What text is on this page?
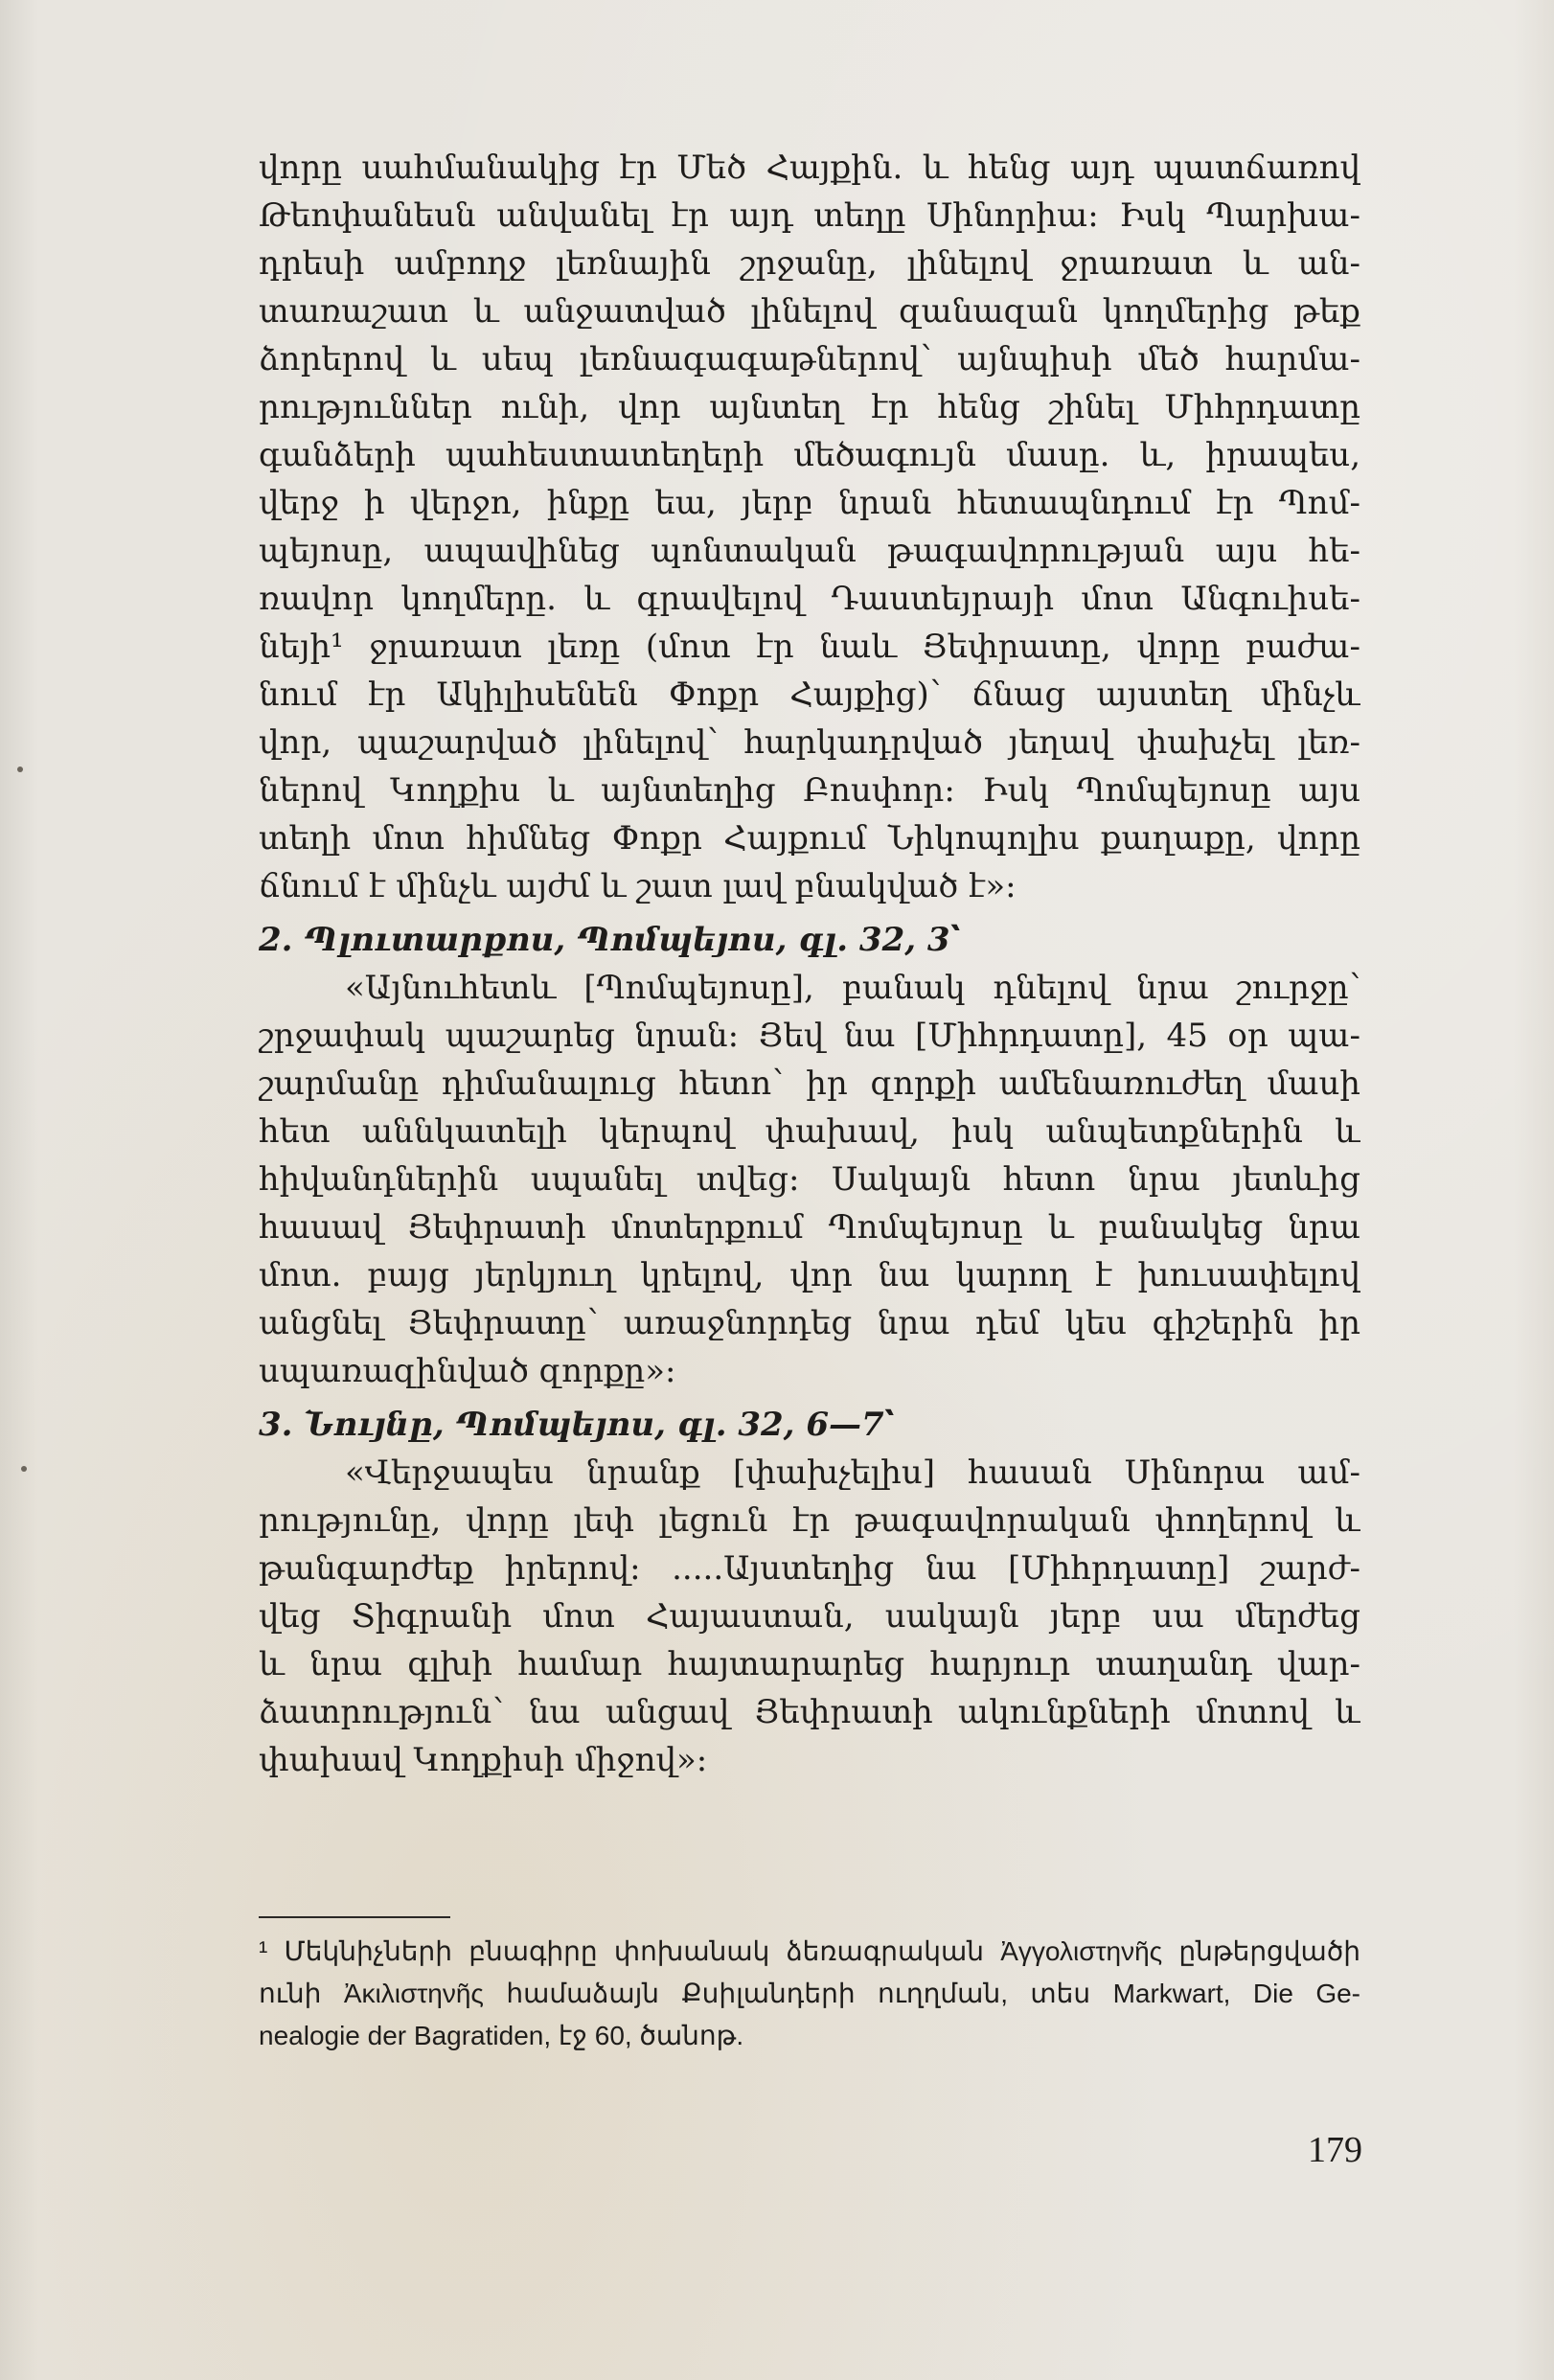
վորը սահմանակից էր Մեծ Հայքին. և հենց այդ պատճառով
Թեոփանեսն անվանել էր այդ տեղը Սինորիա: Իսկ Պարխա-
դրեսի ամբողջ լեռնային շրջանը, լինելով ջրառատ և ան-
տառաշատ և անջատված լինելով զանազան կողմերից թեք
ձորերով և սեպ լեռնագագաթներով՝ այնպիսի մեծ հարմա-
րություններ ունի, վոր այնտեղ էր հենց շինել Միհրդատը
գանձերի պահեստատեղերի մեծագույն մասը. և, իրապես,
վերջ ի վերջո, ինքը եա, յերբ նրան հետապնդում էր Պոմ-
պեյոսը, ապավինեց պոնտական թագավորության այս հե-
ռավոր կողմերը. և գրավելով Դաստեյրայի մոտ Անգուիսե-
նեյի¹ ջրառատ լեռը (մոտ էր նաև Յեփրատը, վորը բաժա-
նում էր Ակիլիսենեն Փոքր Հայքից)՝ ճնաց այստեղ մինչև
վոր, պաշարված լինելով՝ հարկադրված յեղավ փախչել լեռ-
ներով Կողքիս և այնտեղից Բոսփոր: Իսկ Պոմպեյոսը այս
տեղի մոտ հիմնեց Փոքր Հայքում Նիկոպոլիս քաղաքը, վորը
ճնում է մինչև այժմ և շատ լավ բնակված է»:
2. Պլուտարքոս, Պոմպեյոս, գլ. 32, 3՝
«Այնուհետև [Պոմպեյոսը], բանակ դնելով նրա շուրջը՝
շրջափակ պաշարեց նրան: Յեվ նա [Միհրդատը], 45 օր պա-
շարմանը դիմանալուց հետո՝ իր զորքի ամենառուժեղ մասի
հետ աննկատելի կերպով փախավ, իսկ անպետքներին և
հիվանդներին սպանել տվեց: Սակայն հետո նրա յետևից
հասավ Յեփրատի մոտերքում Պոմպեյոսը և բանակեց նրա
մոտ. բայց յերկյուղ կրելով, վոր նա կարող է խուսափելով
անցնել Յեփրատը՝ առաջնորդեց նրա դեմ կես գիշերին իր
սպառազինված զորքը»:
3. Նույնը, Պոմպեյոս, գլ. 32, 6—7՝
«Վերջապես նրանք [փախչելիս] հասան Սինորա ամ-
րությունը, վորը լեփ լեցուն էր թագավորական փողերով և
թանգարժեք իրերով: .....Այստեղից նա [Միհրդատը] շարժ-
վեց Տիգրանի մոտ Հայաստան, սակայն յերբ սա մերժեց
և նրա գլխի համար հայտարարեց հարյուր տաղանդ վար-
ձատրություն՝ նա անցավ Յեփրատի ակունքների մոտով և
փախավ Կողքիսի միջով»:
¹ Մեկնիչների բնագիրը փոխանակ ձեռագրական Ἀγγολιστηνῆς ընթերցվածի
ունի Ἀκιλιστηνῆς համաձայն Քսիլանդերի ուղղման, տես Markwart, Die Ge-
nealogie der Bagratiden, էջ 60, ծանոթ.
179
